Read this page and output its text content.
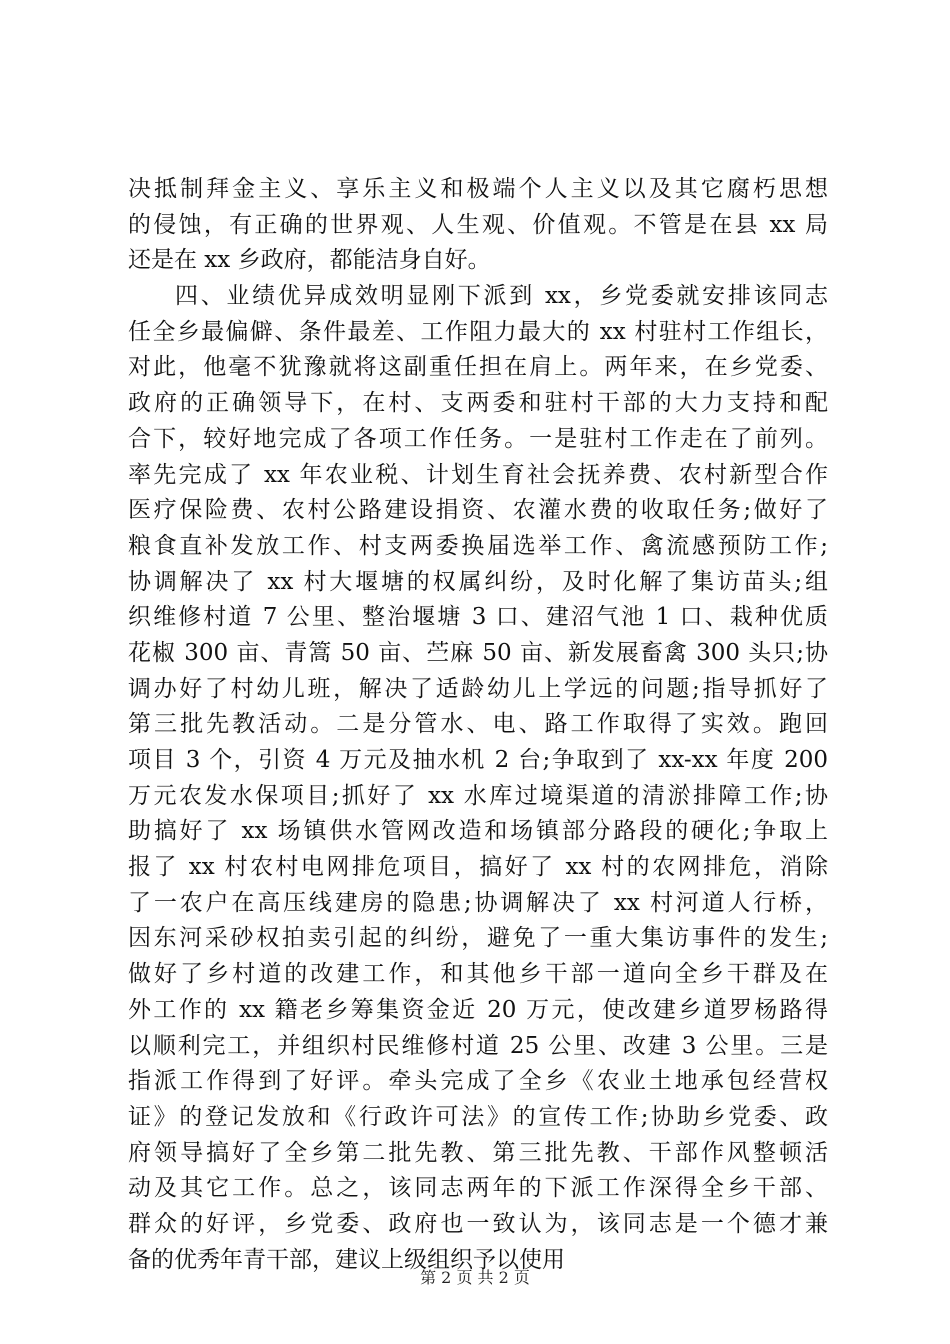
决抵制拜金主义、享乐主义和极端个人主义以及其它腐朽思想
的侵蚀，有正确的世界观、人生观、价值观。不管是在县 xx 局
还是在 xx 乡政府，都能洁身自好。
四、业绩优异成效明显刚下派到 xx，乡党委就安排该同志
任全乡最偏僻、条件最差、工作阻力最大的 xx 村驻村工作组长，
对此，他毫不犹豫就将这副重任担在肩上。两年来，在乡党委、
政府的正确领导下，在村、支两委和驻村干部的大力支持和配
合下，较好地完成了各项工作任务。一是驻村工作走在了前列。
率先完成了 xx 年农业税、计划生育社会抚养费、农村新型合作
医疗保险费、农村公路建设捐资、农灌水费的收取任务;做好了
粮食直补发放工作、村支两委换届选举工作、禽流感预防工作;
协调解决了 xx 村大堰塘的权属纠纷，及时化解了集访苗头;组
织维修村道 7 公里、整治堰塘 3 口、建沼气池 1 口、栽种优质
花椒 300 亩、青篙 50 亩、苎麻 50 亩、新发展畜禽 300 头只;协
调办好了村幼儿班，解决了适龄幼儿上学远的问题;指导抓好了
第三批先教活动。二是分管水、电、路工作取得了实效。跑回
项目 3 个，引资 4 万元及抽水机 2 台;争取到了 xx-xx 年度 200
万元农发水保项目;抓好了 xx 水库过境渠道的清淤排障工作;协
助搞好了 xx 场镇供水管网改造和场镇部分路段的硬化;争取上
报了 xx 村农村电网排危项目，搞好了 xx 村的农网排危，消除
了一农户在高压线建房的隐患;协调解决了 xx 村河道人行桥，
因东河采砂权拍卖引起的纠纷，避免了一重大集访事件的发生;
做好了乡村道的改建工作，和其他乡干部一道向全乡干群及在
外工作的 xx 籍老乡筹集资金近 20 万元，使改建乡道罗杨路得
以顺利完工，并组织村民维修村道 25 公里、改建 3 公里。三是
指派工作得到了好评。牵头完成了全乡《农业土地承包经营权
证》的登记发放和《行政许可法》的宣传工作;协助乡党委、政
府领导搞好了全乡第二批先教、第三批先教、干部作风整顿活
动及其它工作。总之，该同志两年的下派工作深得全乡干部、
群众的好评，乡党委、政府也一致认为，该同志是一个德才兼
备的优秀年青干部，建议上级组织予以使用
第 2 页 共 2 页
